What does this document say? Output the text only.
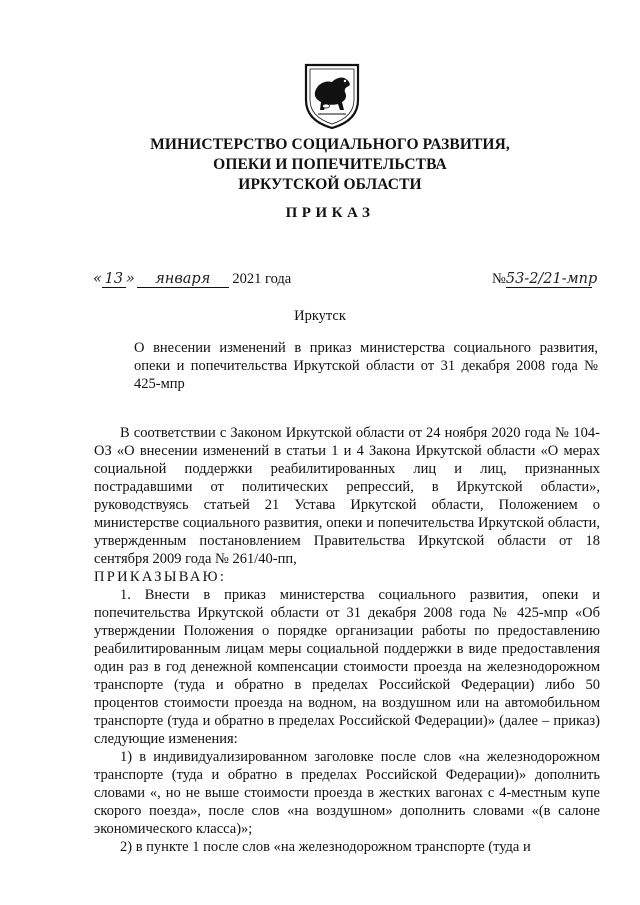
МИНИСТЕРСТВО СОЦИАЛЬНОГО РАЗВИТИЯ,
ОПЕКИ И ПОПЕЧИТЕЛЬСТВА
ИРКУТСКОЙ ОБЛАСТИ
ПРИКАЗ
« 13 » января 2021 года	№53-2/21-мпр
Иркутск
О внесении изменений в приказ министерства социального развития, опеки и попечительства Иркутской области от 31 декабря 2008 года № 425-мпр

В соответствии с Законом Иркутской области от 24 ноября 2020 года № 104-ОЗ «О внесении изменений в статьи 1 и 4 Закона Иркутской области «О мерах социальной поддержки реабилитированных лиц и лиц, признанных пострадавшими от политических репрессий, в Иркутской области», руководствуясь статьей 21 Устава Иркутской области, Положением о министерстве социального развития, опеки и попечительства Иркутской области, утвержденным постановлением Правительства Иркутской области от 18 сентября 2009 года № 261/40-пп,

ПРИКАЗЫВАЮ:

1. Внести в приказ министерства социального развития, опеки и попечительства Иркутской области от 31 декабря 2008 года № 425-мпр «Об утверждении Положения о порядке организации работы по предоставлению реабилитированным лицам меры социальной поддержки в виде предоставления один раз в год денежной компенсации стоимости проезда на железнодорожном транспорте (туда и обратно в пределах Российской Федерации) либо 50 процентов стоимости проезда на водном, на воздушном или на автомобильном транспорте (туда и обратно в пределах Российской Федерации)» (далее – приказ) следующие изменения:

1) в индивидуализированном заголовке после слов «на железнодорожном транспорте (туда и обратно в пределах Российской Федерации)» дополнить словами «, но не выше стоимости проезда в жестких вагонах с 4-местным купе скорого поезда», после слов «на воздушном» дополнить словами «(в салоне экономического класса)»;

2) в пункте 1 после слов «на железнодорожном транспорте (туда и
